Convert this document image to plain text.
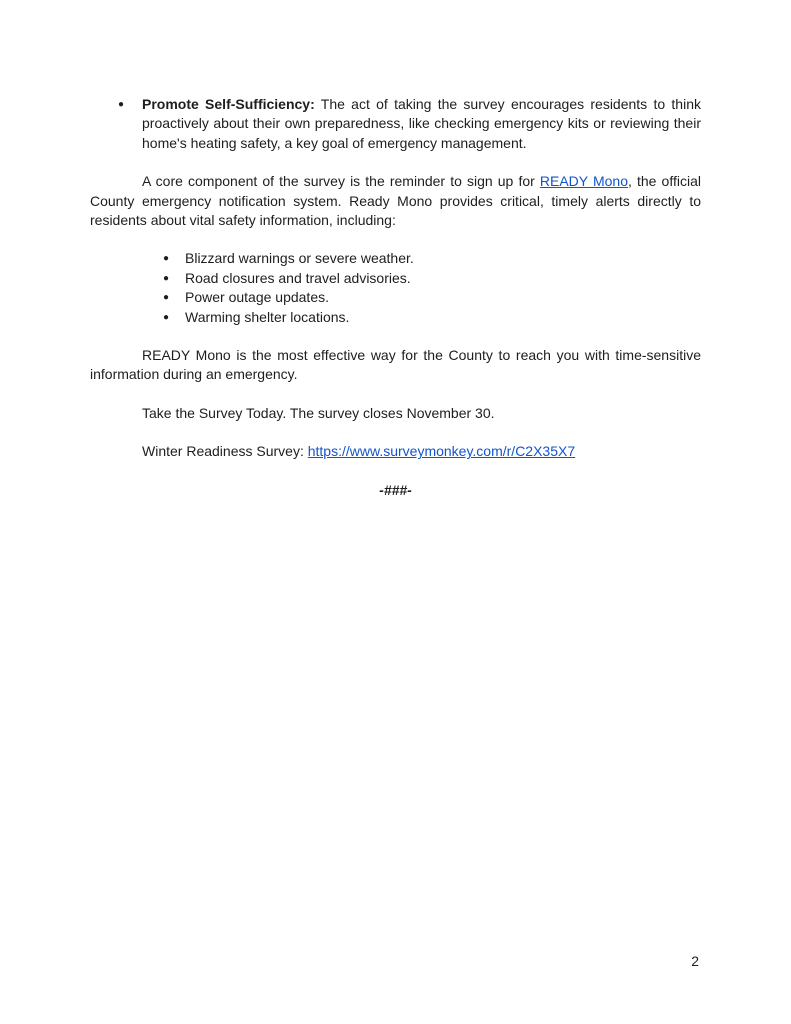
●	Promote Self-Sufficiency: The act of taking the survey encourages residents to think proactively about their own preparedness, like checking emergency kits or reviewing their home's heating safety, a key goal of emergency management.

A core component of the survey is the reminder to sign up for READY Mono, the official County emergency notification system. Ready Mono provides critical, timely alerts directly to residents about vital safety information, including:

●	Blizzard warnings or severe weather.
●	Road closures and travel advisories.
●	Power outage updates.
●	Warming shelter locations.

READY Mono is the most effective way for the County to reach you with time-sensitive information during an emergency.

Take the Survey Today. The survey closes November 30.

Winter Readiness Survey: https://www.surveymonkey.com/r/C2X35X7

-###-

2
